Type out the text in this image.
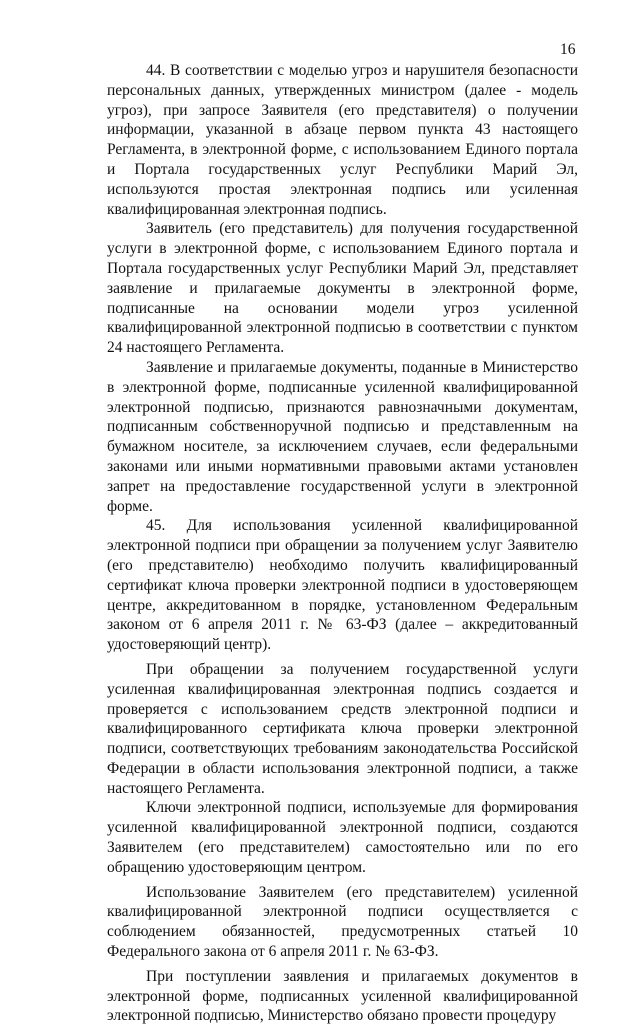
16

44. В соответствии с моделью угроз и нарушителя безопасности персональных данных, утвержденных министром (далее - модель угроз), при запросе Заявителя (его представителя) о получении информации, указанной в абзаце первом пункта 43 настоящего Регламента, в электронной форме, с использованием Единого портала и Портала государственных услуг Республики Марий Эл, используются простая электронная подпись или усиленная квалифицированная электронная подпись.

Заявитель (его представитель) для получения государственной услуги в электронной форме, с использованием Единого портала и Портала государственных услуг Республики Марий Эл, представляет заявление и прилагаемые документы в электронной форме, подписанные на основании модели угроз усиленной квалифицированной электронной подписью в соответствии с пунктом 24 настоящего Регламента.

Заявление и прилагаемые документы, поданные в Министерство в электронной форме, подписанные усиленной квалифицированной электронной подписью, признаются равнозначными документам, подписанным собственноручной подписью и представленным на бумажном носителе, за исключением случаев, если федеральными законами или иными нормативными правовыми актами установлен запрет на предоставление государственной услуги в электронной форме.

45. Для использования усиленной квалифицированной электронной подписи при обращении за получением услуг Заявителю (его представителю) необходимо получить квалифицированный сертификат ключа проверки электронной подписи в удостоверяющем центре, аккредитованном в порядке, установленном Федеральным законом от 6 апреля 2011 г. № 63-ФЗ (далее – аккредитованный удостоверяющий центр).

При обращении за получением государственной услуги усиленная квалифицированная электронная подпись создается и проверяется с использованием средств электронной подписи и квалифицированного сертификата ключа проверки электронной подписи, соответствующих требованиям законодательства Российской Федерации в области использования электронной подписи, а также настоящего Регламента.

Ключи электронной подписи, используемые для формирования усиленной квалифицированной электронной подписи, создаются Заявителем (его представителем) самостоятельно или по его обращению удостоверяющим центром.

Использование Заявителем (его представителем) усиленной квалифицированной электронной подписи осуществляется с соблюдением обязанностей, предусмотренных статьей 10 Федерального закона от 6 апреля 2011 г. № 63-ФЗ.

При поступлении заявления и прилагаемых документов в электронной форме, подписанных усиленной квалифицированной электронной подписью, Министерство обязано провести процедуру
